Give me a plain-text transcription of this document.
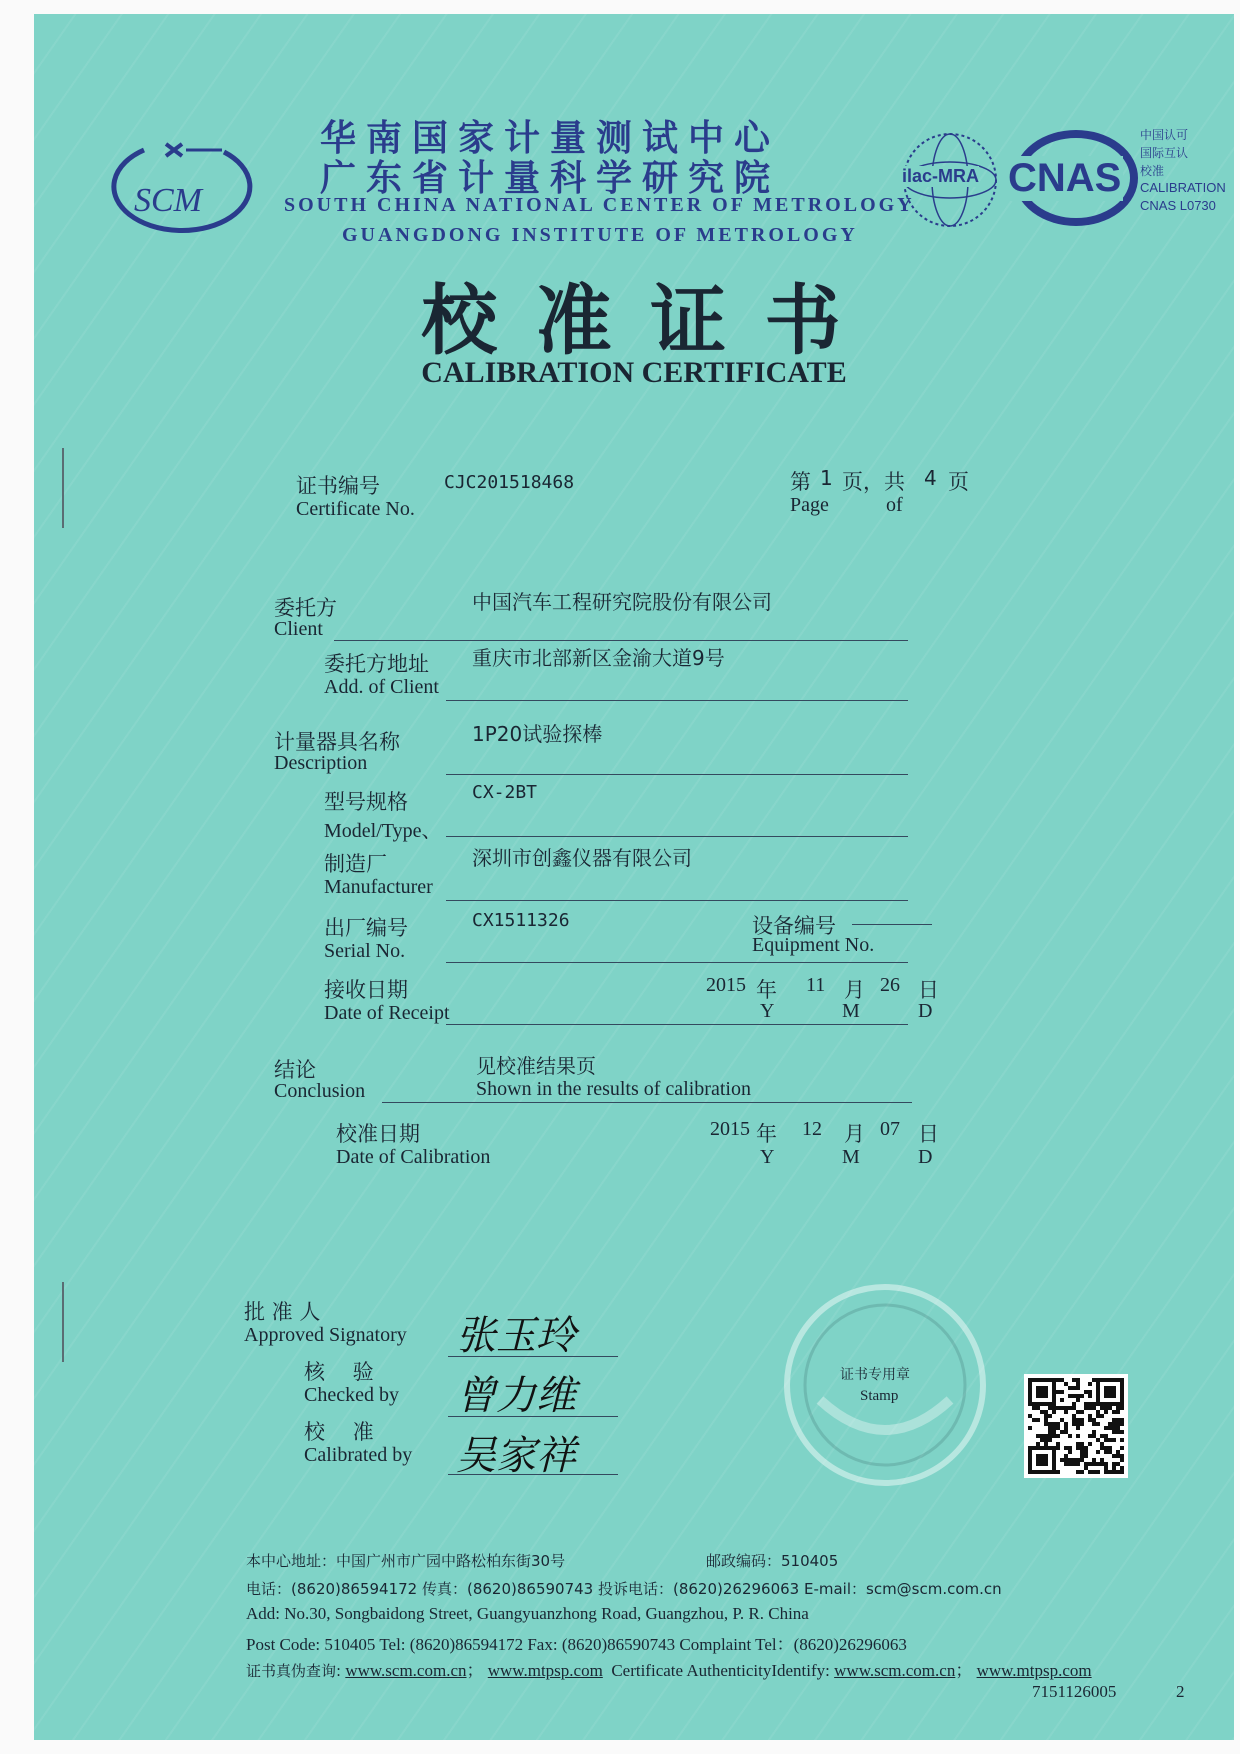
SCM
华南国家计量测试中心
广东省计量科学研究院
SOUTH CHINA NATIONAL CENTER OF METROLOGY
GUANGDONG INSTITUTE OF METROLOGY
ilac-MRA CNAS
中国认可
国际互认
校准
CALIBRATION
CNAS L0730
校 准 证 书
CALIBRATION CERTIFICATE
证书编号
Certificate No.
CJC201518468	第 1 页，共 4 页
Page	of
委托方
Client
中国汽车工程研究院股份有限公司
委托方地址
Add. of Client
重庆市北部新区金渝大道9号
计量器具名称
Description
1P20试验探棒
型号规格
Model/Type、
CX-2BT
制造厂
Manufacturer
深圳市创鑫仪器有限公司
出厂编号
Serial No.
CX1511326	设备编号
Equipment No.
接收日期
Date of Receipt
2015 年 11 月 26 日
Y	M	D
结论
Conclusion
见校准结果页
Shown in the results of calibration
校准日期
Date of Calibration
2015 年 12 月 07 日
Y	M	D
批 准 人
Approved Signatory 张玉玲
核　 验
Checked by 曾力维
校　 准
Calibrated by 吴家祥
证书专用章
Stamp
本中心地址：中国广州市广园中路松柏东街30号	邮政编码：510405
电话：(8620)86594172 传真：(8620)86590743 投诉电话：(8620)26296063 E-mail：scm@scm.com.cn
Add: No.30, Songbaidong Street, Guangyuanzhong Road, Guangzhou, P. R. China
Post Code: 510405 Tel: (8620)86594172 Fax: (8620)86590743 Complaint Tel：(8620)26296063
证书真伪查询: www.scm.com.cn； www.mtpsp.com Certificate AuthenticityIdentify: www.scm.com.cn； www.mtpsp.com
7151126005	2
